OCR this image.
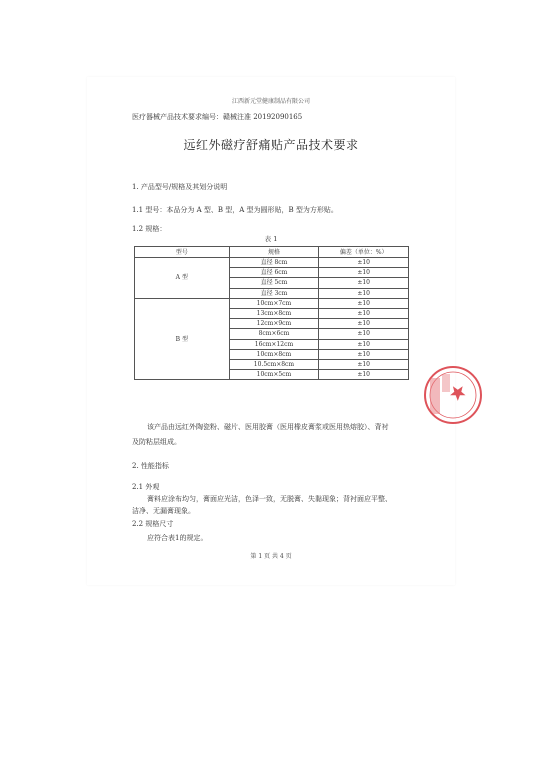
江西新元堂健康制品有限公司
医疗器械产品技术要求编号：赣械注准 20192090165
远红外磁疗舒痛贴产品技术要求
1. 产品型号/规格及其划分说明
1.1 型号：本品分为 A 型、B 型，A 型为圆形贴，B 型为方形贴。
1.2 规格：
表 1
型号	规格	偏差（单位：%）
A 型	直径 8cm	±10
	直径 6cm	±10
	直径 5cm	±10
	直径 3cm	±10
B 型	10cm×7cm	±10
	13cm×8cm	±10
	12cm×9cm	±10
	8cm×6cm	±10
	16cm×12cm	±10
	10cm×8cm	±10
	10.5cm×8cm	±10
	10cm×5cm	±10
该产品由远红外陶瓷粉、磁片、医用胶膏（医用橡皮膏浆或医用热熔胶）、背衬
及防粘层组成。
2. 性能指标
2.1 外观
膏料应涂布均匀，膏面应光洁，色泽一致，无脱膏、失黏现象；背衬面应平整、
洁净、无漏膏现象。
2.2 规格尺寸
应符合表1的规定。
第 1 页 共 4 页
